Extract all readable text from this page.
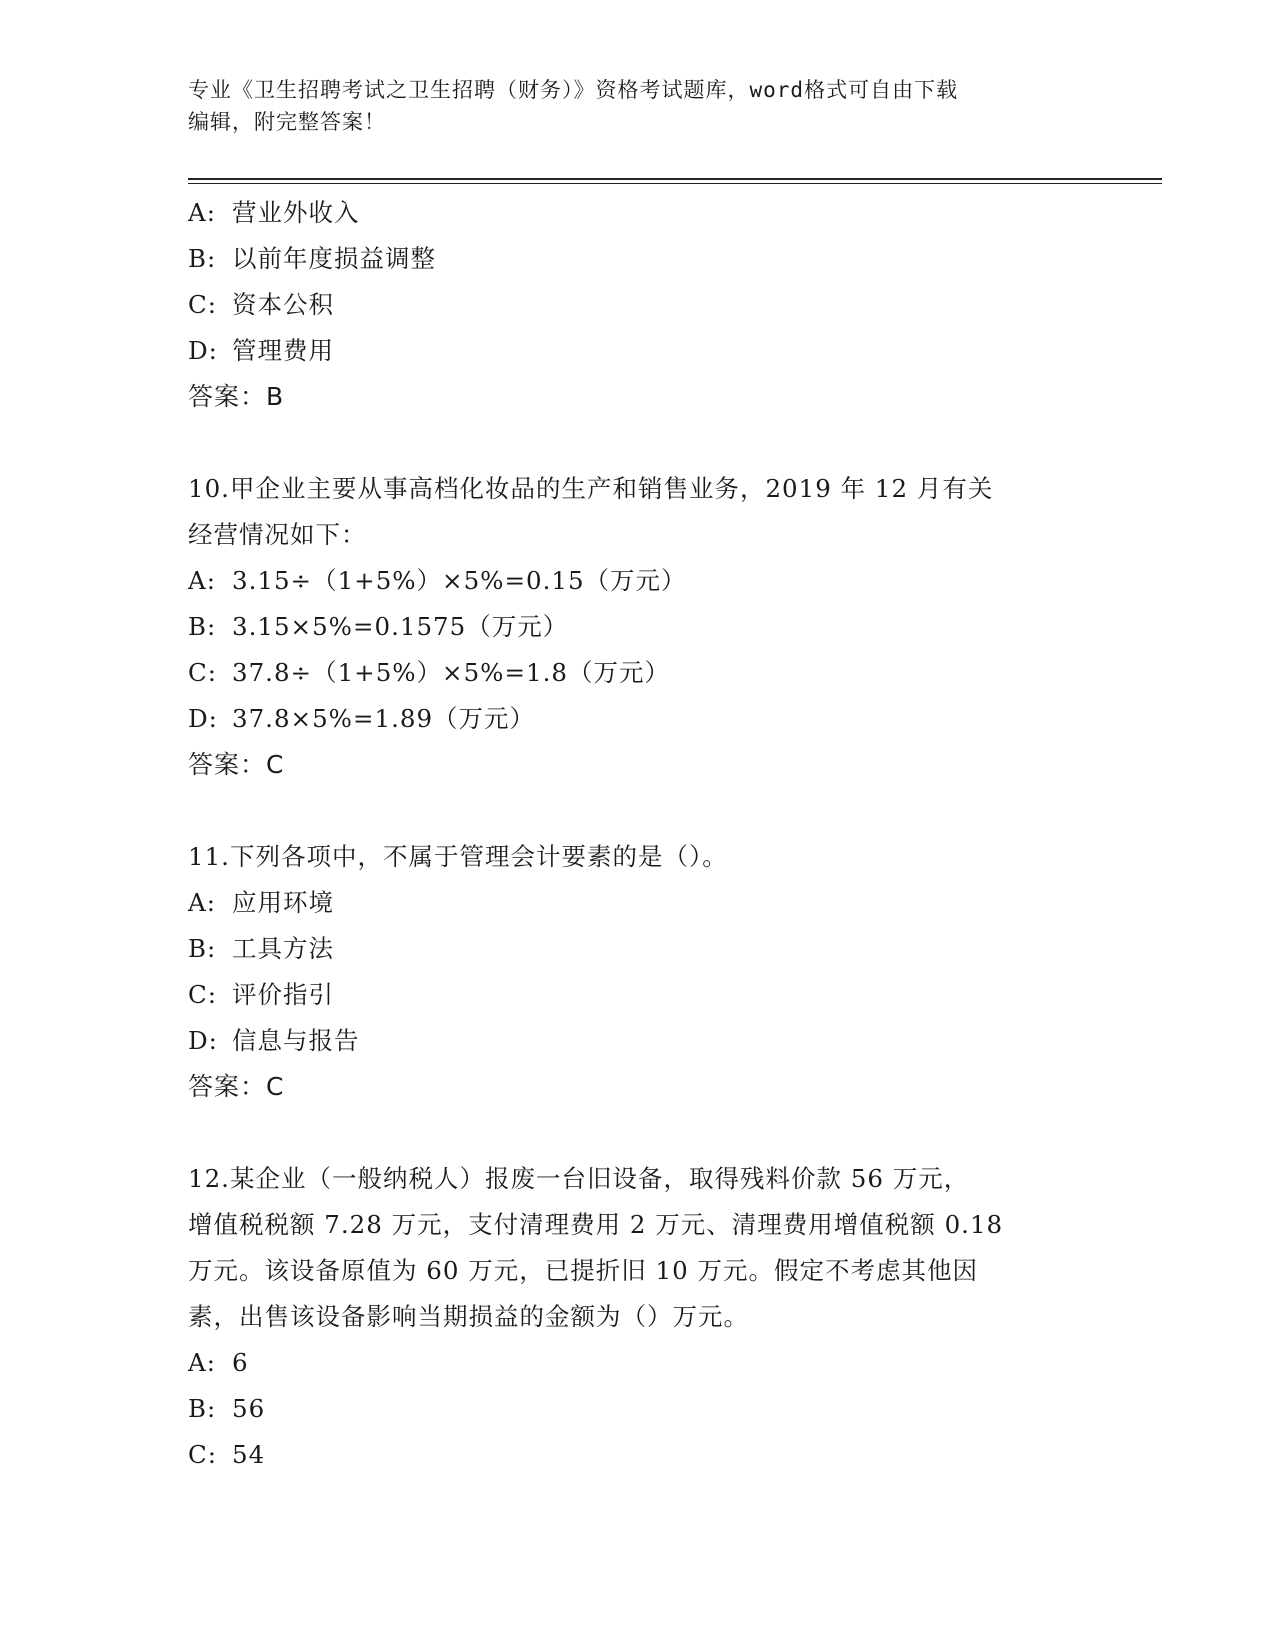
专业《卫生招聘考试之卫生招聘（财务）》资格考试题库，word格式可自由下载
编辑，附完整答案！
A: 营业外收入
B: 以前年度损益调整
C: 资本公积
D: 管理费用
答案：B
10.甲企业主要从事高档化妆品的生产和销售业务，2019 年 12 月有关
经营情况如下：
A: 3.15÷（1+5%）×5%=0.15（万元）
B: 3.15×5%=0.1575（万元）
C: 37.8÷（1+5%）×5%=1.8（万元）
D: 37.8×5%=1.89（万元）
答案：C
11.下列各项中，不属于管理会计要素的是（）。
A: 应用环境
B: 工具方法
C: 评价指引
D: 信息与报告
答案：C
12.某企业（一般纳税人）报废一台旧设备，取得残料价款 56 万元，
增值税税额 7.28 万元，支付清理费用 2 万元、清理费用增值税额 0.18
万元。该设备原值为 60 万元，已提折旧 10 万元。假定不考虑其他因
素，出售该设备影响当期损益的金额为（）万元。
A: 6
B: 56
C: 54
